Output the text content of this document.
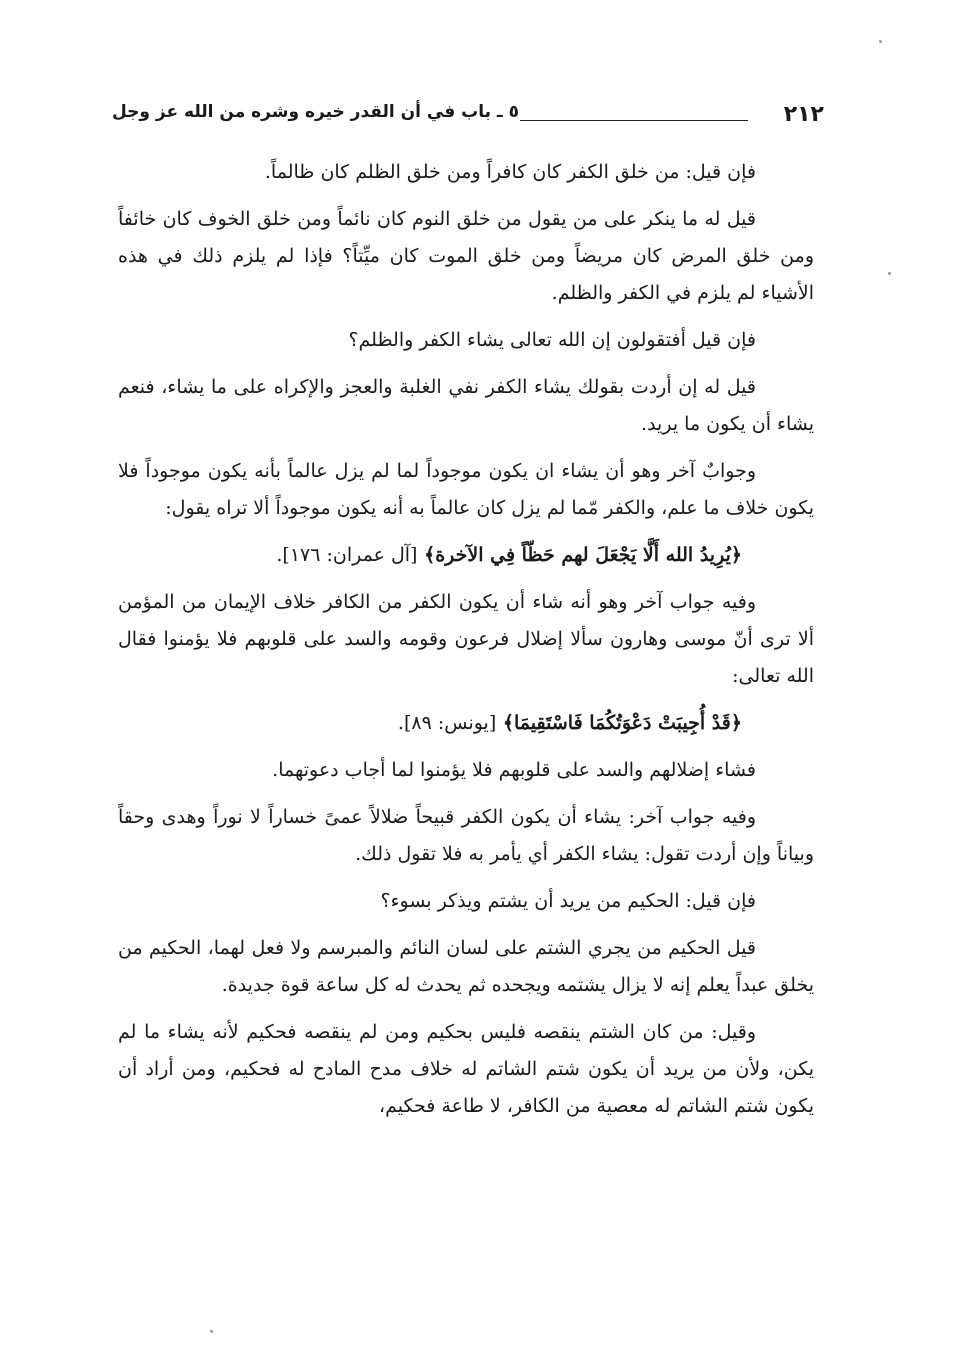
٢١٢
٥ ـ باب في أن القدر خيره وشره من الله عز وجل

فإن قيل: من خلق الكفر كان كافراً ومن خلق الظلم كان ظالماً.

قيل له ما ينكر على من يقول من خلق النوم كان نائماً ومن خلق الخوف كان خائفاً ومن خلق المرض كان مريضاً ومن خلق الموت كان ميِّتاً؟ فإذا لم يلزم ذلك في هذه الأشياء لم يلزم في الكفر والظلم.

فإن قيل أفتقولون إن الله تعالى يشاء الكفر والظلم؟

قيل له إن أردت بقولك يشاء الكفر نفي الغلبة والعجز والإكراه على ما يشاء، فنعم يشاء أن يكون ما يريد.

وجوابٌ آخر وهو أن يشاء ان يكون موجوداً لما لم يزل عالماً بأنه يكون موجوداً فلا يكون خلاف ما علم، والكفر مّما لم يزل كان عالماً به أنه يكون موجوداً ألا تراه يقول:

﴿يُرِيدُ الله أَلَّا يَجْعَلَ لهم حَظّاً فِي الآخرة﴾ [آل عمران: ١٧٦].

وفيه جواب آخر وهو أنه شاء أن يكون الكفر من الكافر خلاف الإيمان من المؤمن ألا ترى أنّ موسى وهارون سألا إضلال فرعون وقومه والسد على قلوبهم فلا يؤمنوا فقال الله تعالى:

﴿قَدْ أُجِيبَتْ دَعْوَتُكُمَا فَاسْتَقِيمَا﴾ [يونس: ٨٩].

فشاء إضلالهم والسد على قلوبهم فلا يؤمنوا لما أجاب دعوتهما.

وفيه جواب آخر: يشاء أن يكون الكفر قبيحاً ضلالاً عمىً خساراً لا نوراً وهدى وحقاً وبياناً وإن أردت تقول: يشاء الكفر أي يأمر به فلا تقول ذلك.

فإن قيل: الحكيم من يريد أن يشتم ويذكر بسوء؟

قيل الحكيم من يجري الشتم على لسان النائم والمبرسم ولا فعل لهما، الحكيم من يخلق عبداً يعلم إنه لا يزال يشتمه ويجحده ثم يحدث له كل ساعة قوة جديدة.

وقيل: من كان الشتم ينقصه فليس بحكيم ومن لم ينقصه فحكيم لأنه يشاء ما لم يكن، ولأن من يريد أن يكون شتم الشاتم له خلاف مدح المادح له فحكيم، ومن أراد أن يكون شتم الشاتم له معصية من الكافر، لا طاعة فحكيم،
